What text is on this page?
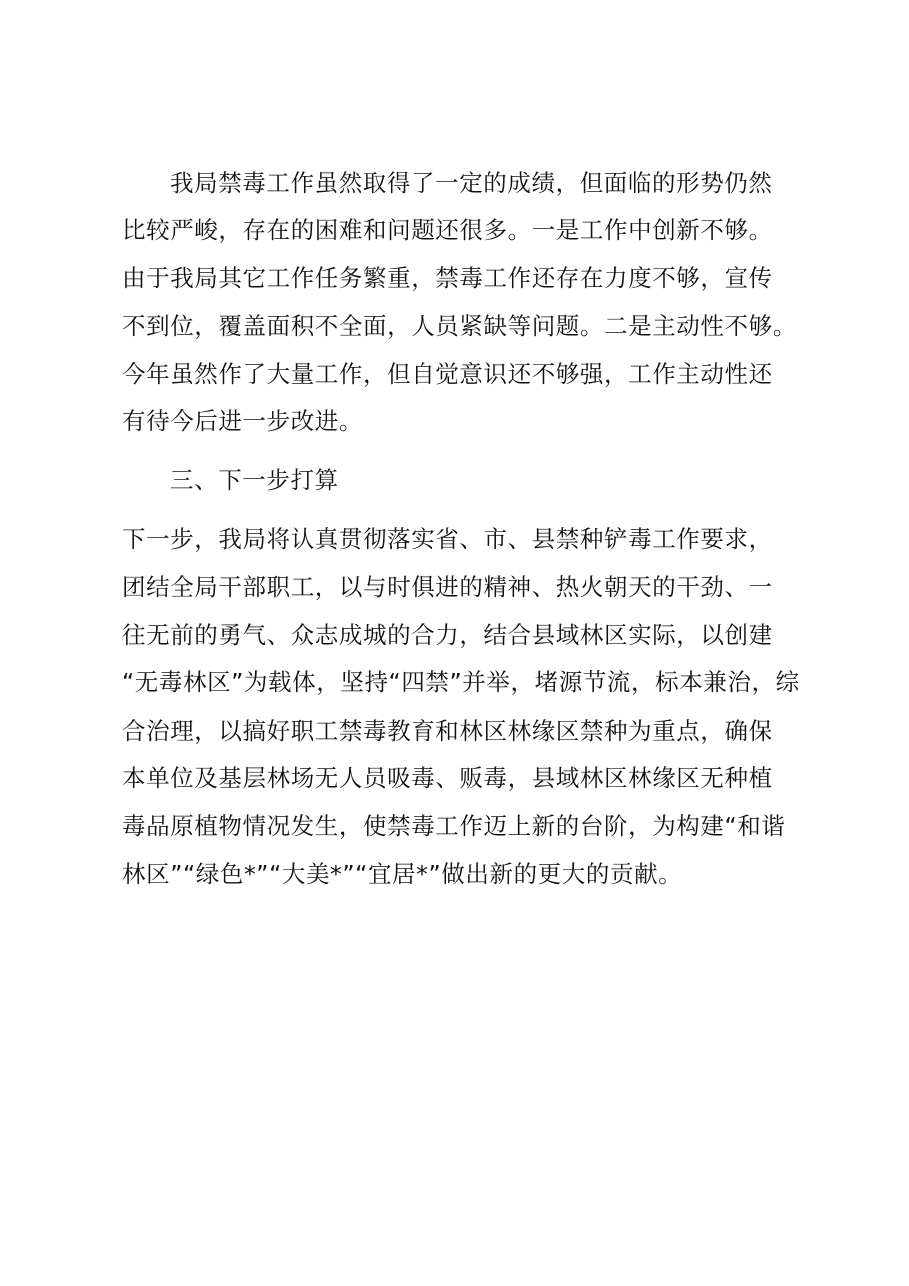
我局禁毒工作虽然取得了一定的成绩，但面临的形势仍然
比较严峻，存在的困难和问题还很多。一是工作中创新不够。
由于我局其它工作任务繁重，禁毒工作还存在力度不够，宣传
不到位，覆盖面积不全面，人员紧缺等问题。二是主动性不够。
今年虽然作了大量工作，但自觉意识还不够强，工作主动性还
有待今后进一步改进。
三、下一步打算
下一步，我局将认真贯彻落实省、市、县禁种铲毒工作要求，
团结全局干部职工，以与时俱进的精神、热火朝天的干劲、一
往无前的勇气、众志成城的合力，结合县域林区实际，以创建
“无毒林区”为载体，坚持“四禁”并举，堵源节流，标本兼治，综
合治理，以搞好职工禁毒教育和林区林缘区禁种为重点，确保
本单位及基层林场无人员吸毒、贩毒，县域林区林缘区无种植
毒品原植物情况发生，使禁毒工作迈上新的台阶，为构建“和谐
林区”“绿色*”“大美*”“宜居*”做出新的更大的贡献。
